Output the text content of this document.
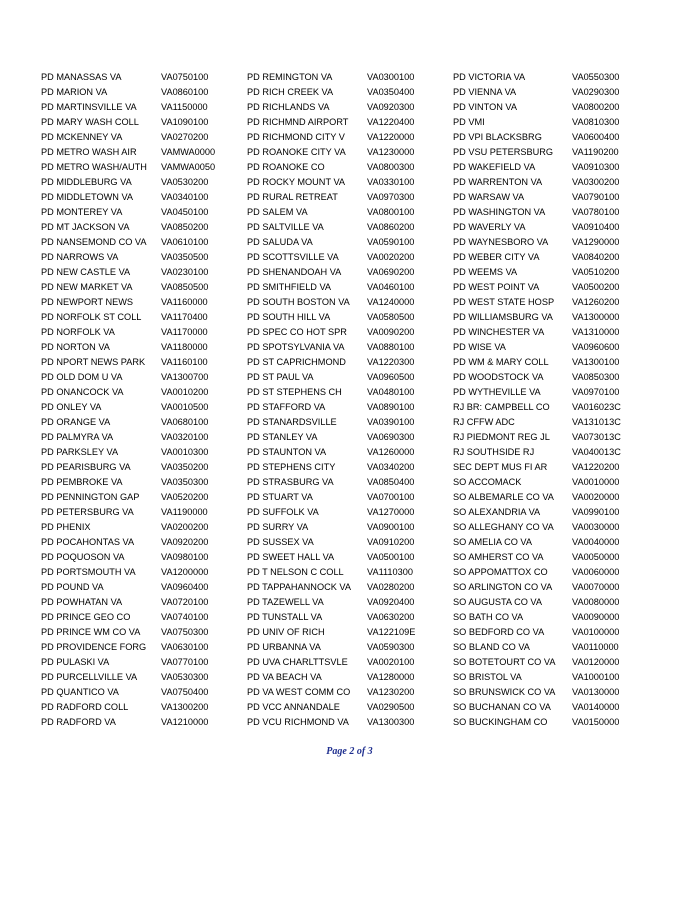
PD MANASSAS VA	VA0750100
PD MARION VA	VA0860100
PD MARTINSVILLE VA	VA1150000
PD MARY WASH COLL VA1090100
PD MCKENNEY VA	VA0270200
PD METRO WASH AIR	VAMWA0000
PD METRO WASH/AUTH VAMWA0050
PD MIDDLEBURG VA	VA0530200
PD MIDDLETOWN VA	VA0340100
PD MONTEREY VA	VA0450100
PD MT JACKSON VA	VA0850200
PD NANSEMOND CO VA VA0610100
PD NARROWS VA	VA0350500
PD NEW CASTLE VA	VA0230100
PD NEW MARKET VA	VA0850500
PD NEWPORT NEWS	VA1160000
PD NORFOLK ST COLL VA1170400
PD NORFOLK VA	VA1170000
PD NORTON VA	VA1180000
PD NPORT NEWS PARK VA1160100
PD OLD DOM U VA	VA1300700
PD ONANCOCK VA	VA0010200
PD ONLEY VA	VA0010500
PD ORANGE VA	VA0680100
PD PALMYRA VA	VA0320100
PD PARKSLEY VA	VA0010300
PD PEARISBURG VA	VA0350200
PD PEMBROKE VA	VA0350300
PD PENNINGTON GAP VA0520200
PD PETERSBURG VA	VA1190000
PD PHENIX	VA0200200
PD POCAHONTAS VA	VA0920200
PD POQUOSON VA	VA0980100
PD PORTSMOUTH VA	VA1200000
PD POUND VA	VA0960400
PD POWHATAN VA	VA0720100
PD PRINCE GEO CO	VA0740100
PD PRINCE WM CO VA VA0750300
PD PROVIDENCE FORG VA0630100
PD PULASKI VA	VA0770100
PD PURCELLVILLE VA	VA0530300
PD QUANTICO VA	VA0750400
PD RADFORD COLL	VA1300200
PD RADFORD VA	VA1210000
PD REMINGTON VA	VA0300100
PD RICH CREEK VA	VA0350400
PD RICHLANDS VA	VA0920300
PD RICHMND AIRPORT VA1220400
PD RICHMOND CITY V VA1220000
PD ROANOKE CITY VA VA1230000
PD ROANOKE CO	VA0800300
PD ROCKY MOUNT VA VA0330100
PD RURAL RETREAT	VA0970300
PD SALEM VA	VA0800100
PD SALTVILLE VA	VA0860200
PD SALUDA VA	VA0590100
PD SCOTTSVILLE VA	VA0020200
PD SHENANDOAH VA	VA0690200
PD SMITHFIELD VA	VA0460100
PD SOUTH BOSTON VA VA1240000
PD SOUTH HILL VA	VA0580500
PD SPEC CO HOT SPR VA0090200
PD SPOTSYLVANIA VA VA0880100
PD ST CAPRICHMOND VA1220300
PD ST PAUL VA	VA0960500
PD ST STEPHENS CH	VA0480100
PD STAFFORD VA	VA0890100
PD STANARDSVILLE	VA0390100
PD STANLEY VA	VA0690300
PD STAUNTON VA	VA1260000
PD STEPHENS CITY	VA0340200
PD STRASBURG VA	VA0850400
PD STUART VA	VA0700100
PD SUFFOLK VA	VA1270000
PD SURRY VA	VA0900100
PD SUSSEX VA	VA0910200
PD SWEET HALL VA	VA0500100
PD T NELSON C COLL	VA1110300
PD TAPPAHANNOCK VA VA0280200
PD TAZEWELL VA	VA0920400
PD TUNSTALL VA	VA0630200
PD UNIV OF RICH	VA122109E
PD URBANNA VA	VA0590300
PD UVA CHARLTTSVLE VA0020100
PD VA BEACH VA	VA1280000
PD VA WEST COMM CO VA1230200
PD VCC ANNANDALE	VA0290500
PD VCU RICHMOND VA VA1300300
PD VICTORIA VA	VA0550300
PD VIENNA VA	VA0290300
PD VINTON VA	VA0800200
PD VMI	VA0810300
PD VPI BLACKSBRG	VA0600400
PD VSU PETERSBURG VA1190200
PD WAKEFIELD VA	VA0910300
PD WARRENTON VA	VA0300200
PD WARSAW VA	VA0790100
PD WASHINGTON VA	VA0780100
PD WAVERLY VA	VA0910400
PD WAYNESBORO VA	VA1290000
PD WEBER CITY VA	VA0840200
PD WEEMS VA	VA0510200
PD WEST POINT VA	VA0500200
PD WEST STATE HOSP VA1260200
PD WILLIAMSBURG VA VA1300000
PD WINCHESTER VA	VA1310000
PD WISE VA	VA0960600
PD WM & MARY COLL	VA1300100
PD WOODSTOCK VA	VA0850300
PD WYTHEVILLE VA	VA0970100
RJ BR: CAMPBELL CO VA016023C
RJ CFFW ADC	VA131013C
RJ PIEDMONT REG JL VA073013C
RJ SOUTHSIDE RJ	VA040013C
SEC DEPT MUS FI AR	VA1220200
SO ACCOMACK	VA0010000
SO ALBEMARLE CO VA VA0020000
SO ALEXANDRIA VA	VA0990100
SO ALLEGHANY CO VA VA0030000
SO AMELIA CO VA	VA0040000
SO AMHERST CO VA	VA0050000
SO APPOMATTOX CO	VA0060000
SO ARLINGTON CO VA VA0070000
SO AUGUSTA CO VA	VA0080000
SO BATH CO VA	VA0090000
SO BEDFORD CO VA	VA0100000
SO BLAND CO VA	VA0110000
SO BOTETOURT CO VA VA0120000
SO BRISTOL VA	VA1000100
SO BRUNSWICK CO VA VA0130000
SO BUCHANAN CO VA VA0140000
SO BUCKINGHAM CO	VA0150000
Page 2 of 3
